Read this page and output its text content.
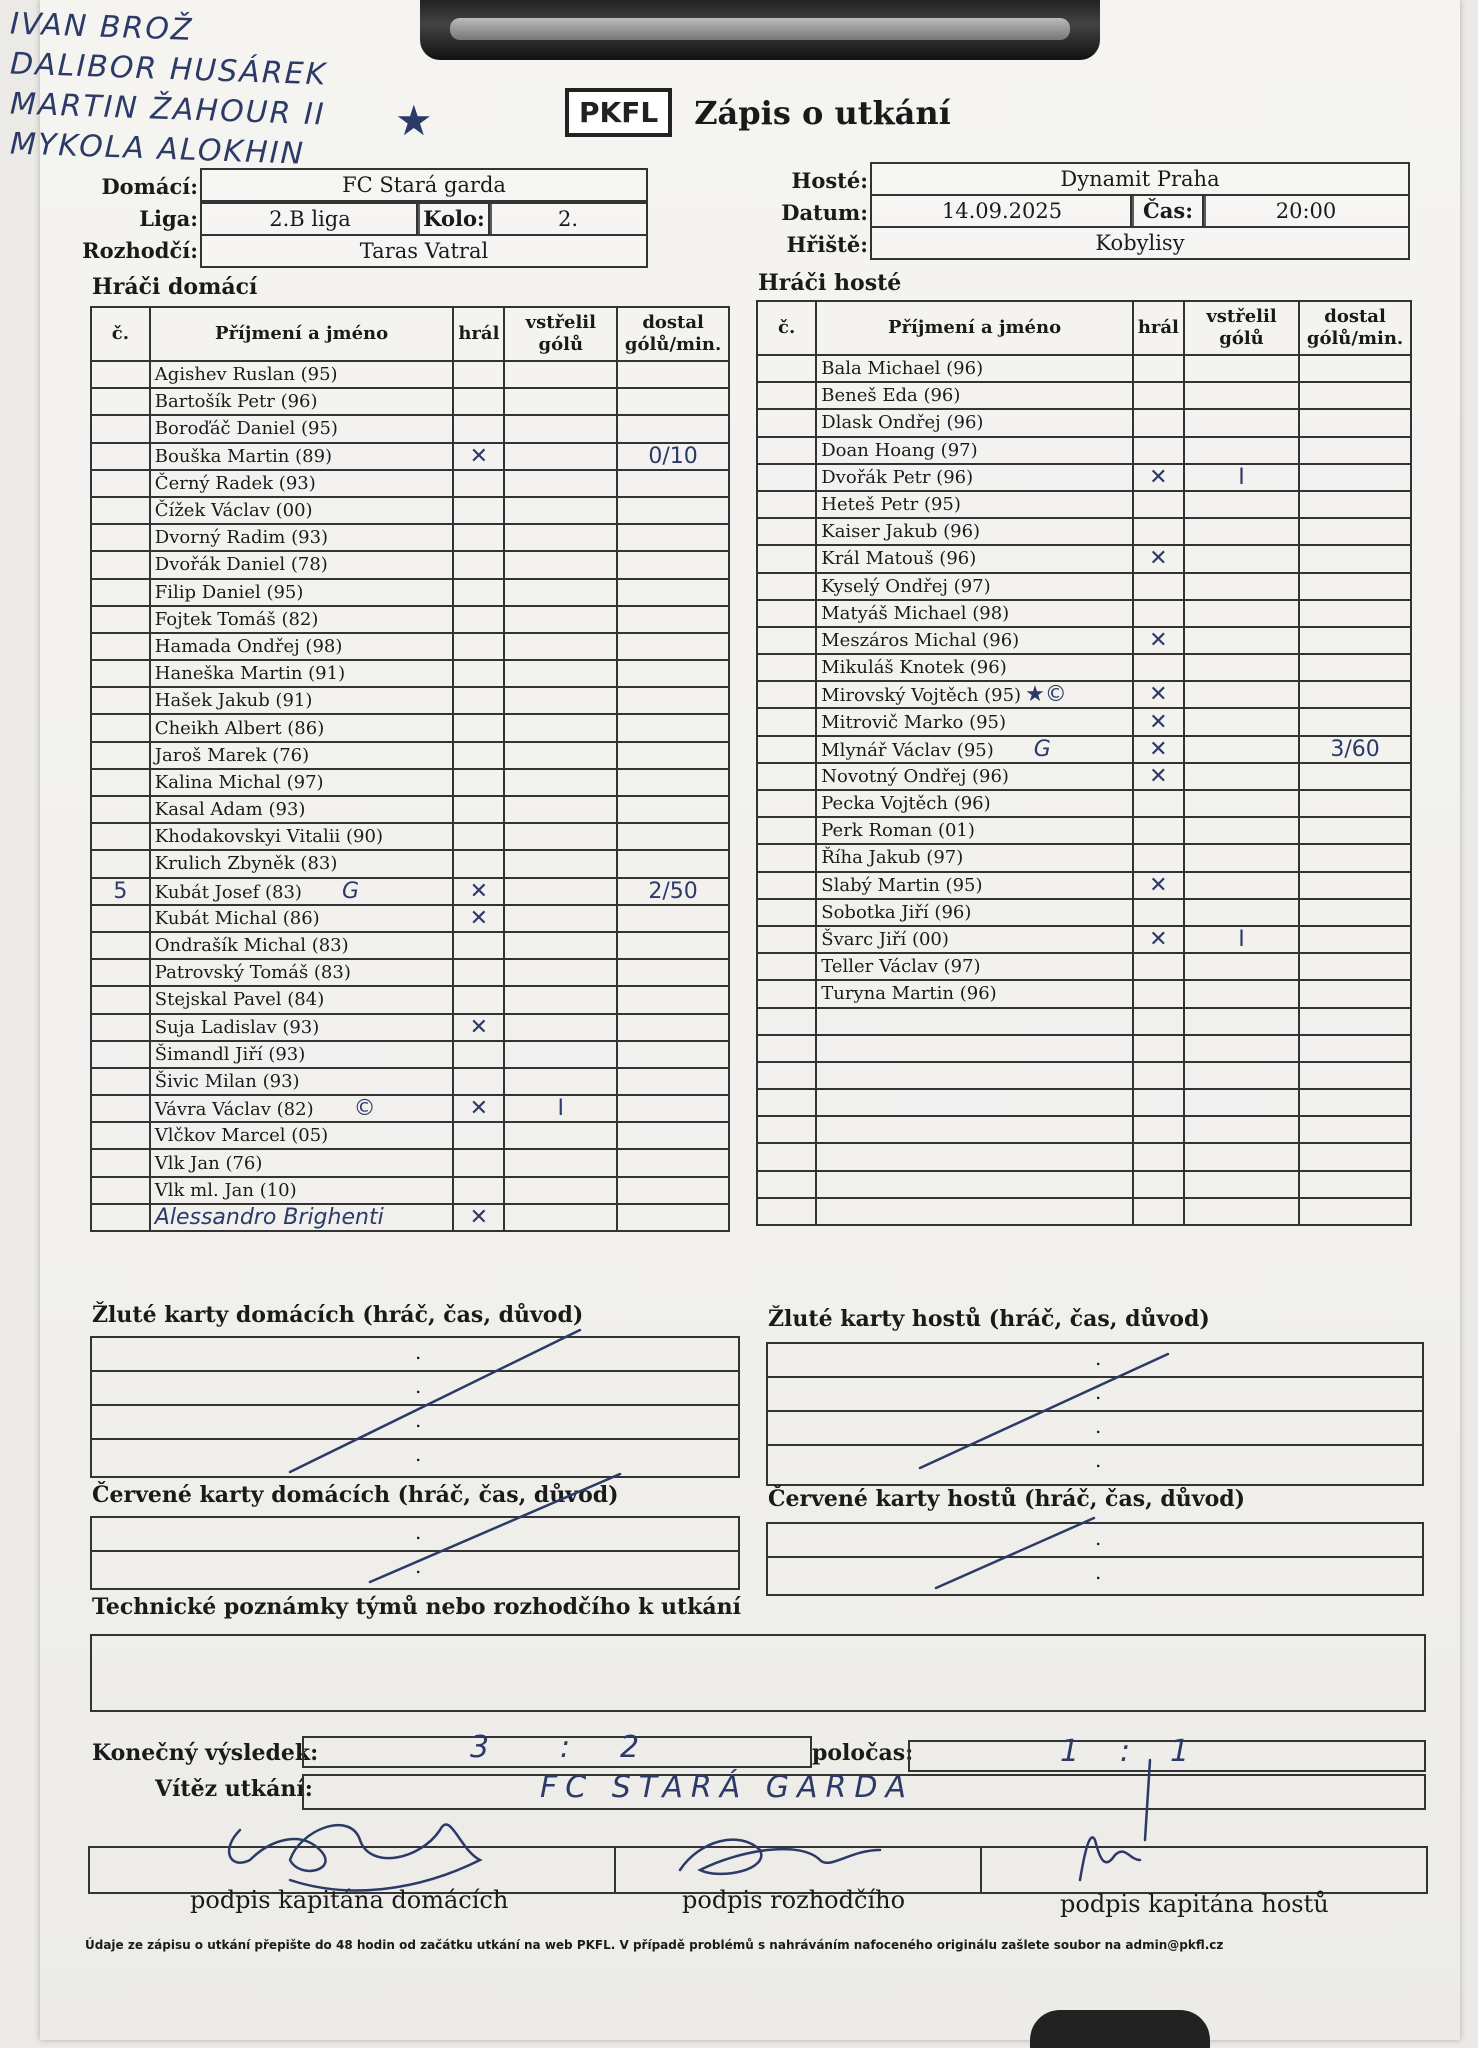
IVAN BROŽ
DALIBOR HUSÁREK
MARTIN ŽAHOUR II
MYKOLA ALOKHIN
★	PKFL	Zápis o utkání
Domácí:	FC Stará garda
Liga:	2.B liga	Kolo:	2.
Rozhodčí:	Taras Vatral
Hosté:	Dynamit Praha
Datum:	14.09.2025	Čas:	20:00
Hřiště:	Kobylisy
Hráči domácí	Hráči hosté
č.	Příjmení a jméno	hrál	vstřelil
gólů	dostal
gólů/min.
	Agishev Ruslan (95)			
	Bartošík Petr (96)			
	Boroďáč Daniel (95)			
	Bouška Martin (89)	✕		0/10
	Černý Radek (93)			
	Čížek Václav (00)			
	Dvorný Radim (93)			
	Dvořák Daniel (78)			
	Filip Daniel (95)			
	Fojtek Tomáš (82)			
	Hamada Ondřej (98)			
	Haneška Martin (91)			
	Hašek Jakub (91)			
	Cheikh Albert (86)			
	Jaroš Marek (76)			
	Kalina Michal (97)			
	Kasal Adam (93)			
	Khodakovskyi Vitalii (90)			
	Krulich Zbyněk (83)			
5	Kubát Josef (83) G	✕		2/50
	Kubát Michal (86)	✕		
	Ondrašík Michal (83)			
	Patrovský Tomáš (83)			
	Stejskal Pavel (84)			
	Suja Ladislav (93)	✕		
	Šimandl Jiří (93)			
	Šivic Milan (93)			
	Vávra Václav (82) ©	✕	I	
	Vlčkov Marcel (05)			
	Vlk Jan (76)			
	Vlk ml. Jan (10)			
	Alessandro Brighenti	✕		
č.	Příjmení a jméno	hrál	vstřelil
gólů	dostal
gólů/min.
	Bala Michael (96)			
	Beneš Eda (96)			
	Dlask Ondřej (96)			
	Doan Hoang (97)			
	Dvořák Petr (96)	✕	I	
	Heteš Petr (95)			
	Kaiser Jakub (96)			
	Král Matouš (96)	✕		
	Kyselý Ondřej (97)			
	Matyáš Michael (98)			
	Meszáros Michal (96)	✕		
	Mikuláš Knotek (96)			
	Mirovský Vojtěch (95) ★©	✕		
	Mitrovič Marko (95)	✕		
	Mlynář Václav (95) G	✕		3/60
	Novotný Ondřej (96)	✕		
	Pecka Vojtěch (96)			
	Perk Roman (01)			
	Říha Jakub (97)			
	Slabý Martin (95)	✕		
	Sobotka Jiří (96)			
	Švarc Jiří (00)	✕	I	
	Teller Václav (97)			
	Turyna Martin (96)			

Žluté karty domácích (hráč, čas, důvod)
.
.
.
.	Žluté karty hostů (hráč, čas, důvod)
.
.
.
.
Červené karty domácích (hráč, čas, důvod)
.
.	Červené karty hostů (hráč, čas, důvod)
.
.
Technické poznámky týmů nebo rozhodčího k utkání
Konečný výsledek:	3 : 2	poločas:	1 : 1
Vítěz utkání:	FC STARÁ GARDA
podpis kapitána domácích	podpis rozhodčího	podpis kapitána hostů
Údaje ze zápisu o utkání přepište do 48 hodin od začátku utkání na web PKFL. V případě problémů s nahráváním nafoceného originálu zašlete soubor na admin@pkfl.cz
